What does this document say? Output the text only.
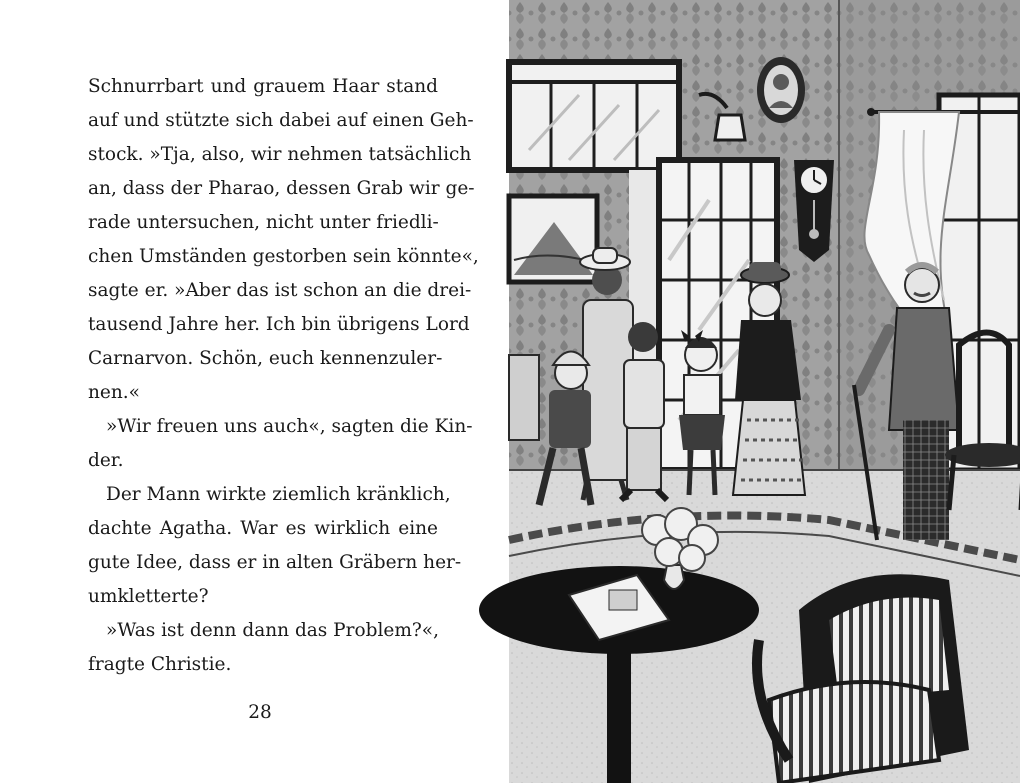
Schnurrbart und grauem Haar stand
auf und stützte sich dabei auf einen Geh-
stock. »Tja, also, wir nehmen tatsächlich
an, dass der Pharao, dessen Grab wir ge-
rade untersuchen, nicht unter friedli-
chen Umständen gestorben sein könnte«,
sagte er. »Aber das ist schon an die drei-
tausend Jahre her. Ich bin übrigens Lord
Carnarvon. Schön, euch kennenzuler-
nen.«
»Wir freuen uns auch«, sagten die Kin-
der.
Der Mann wirkte ziemlich kränklich,
dachte Agatha. War es wirklich eine
gute Idee, dass er in alten Gräbern her-
umkletterte?
»Was ist denn dann das Problem?«,
fragte Christie.
28
